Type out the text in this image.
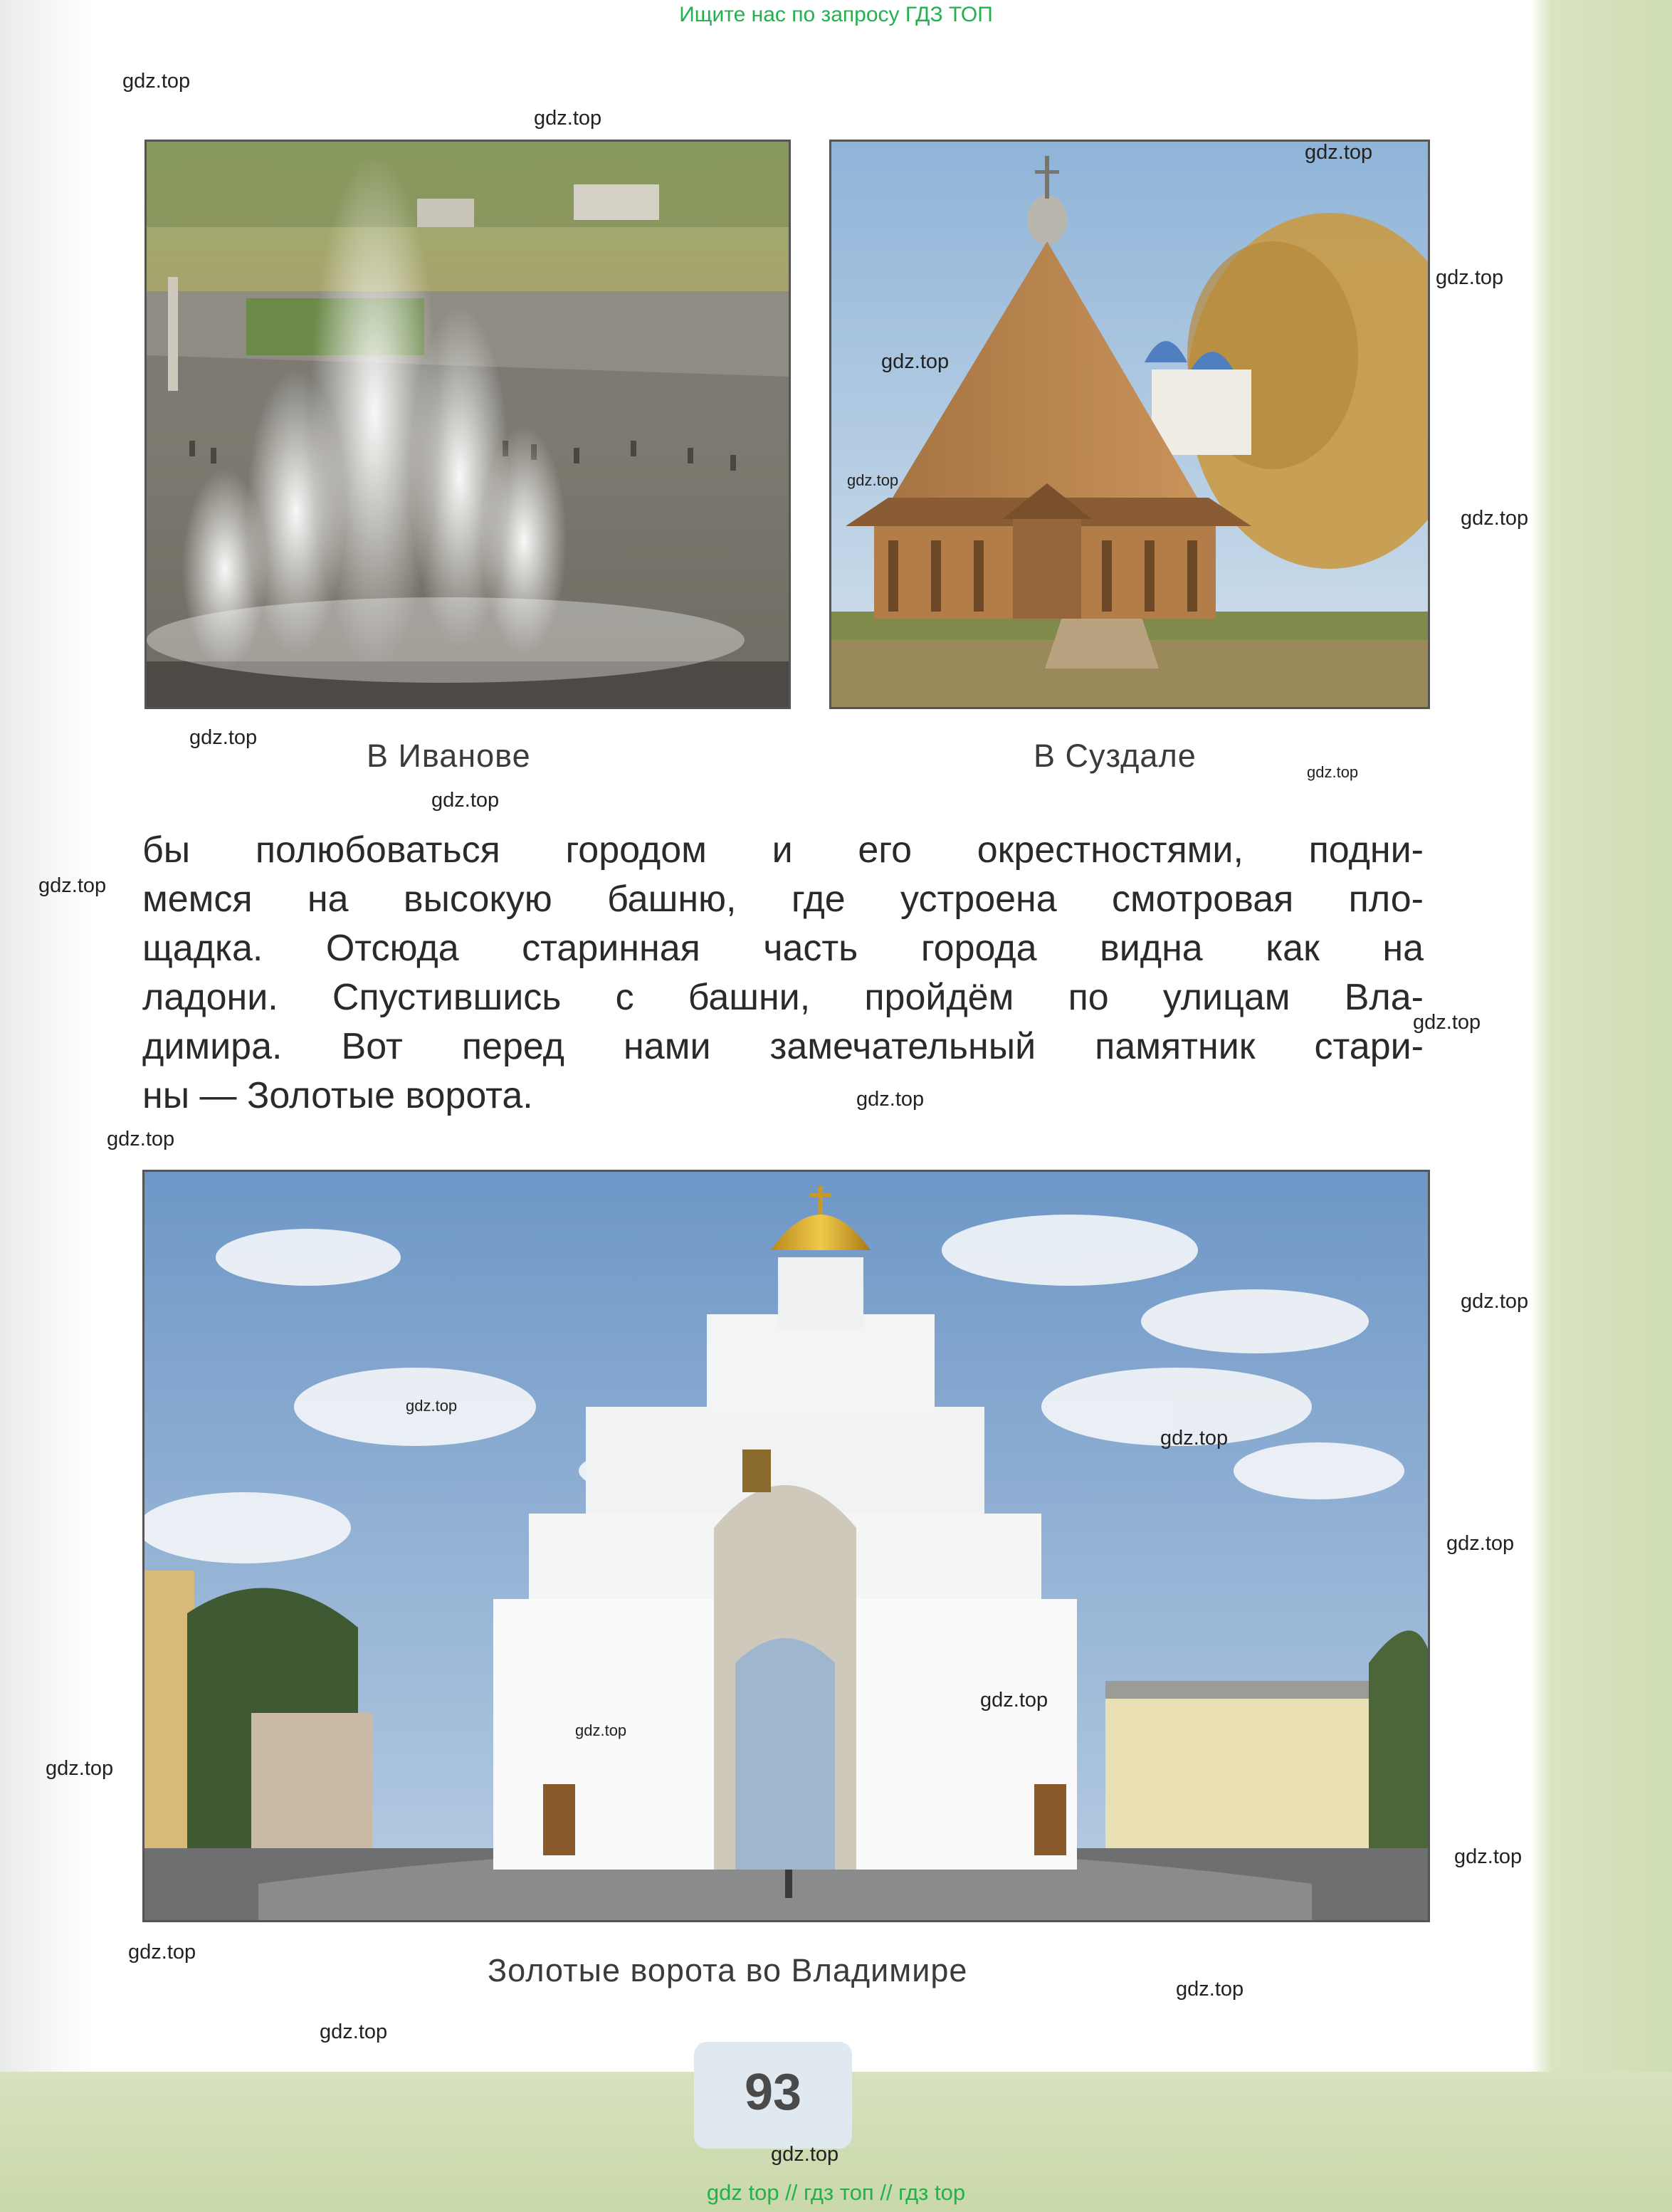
Ищите нас по запросу ГДЗ ТОП
В Иванове	В Суздале
бы полюбоваться городом и его окрестностями, подни-
мемся на высокую башню, где устроена смотровая пло-
щадка. Отсюда старинная часть города видна как на
ладони. Спустившись с башни, пройдём по улицам Вла-
димира. Вот перед нами замечательный памятник стари-
ны — Золотые ворота.
Золотые ворота во Владимире
93
gdz.top
gdz.top
gdz.top
gdz.top
gdz.top
gdz.top
gdz.top
gdz.top
gdz.top
gdz.top
gdz.top
gdz.top
gdz.top
gdz.top
gdz.top
gdz.top
gdz.top
gdz.top
gdz.top
gdz.top
gdz.top
gdz.top
gdz.top
gdz.top
gdz.top
gdz.top
gdz top // гдз топ // гдз top
